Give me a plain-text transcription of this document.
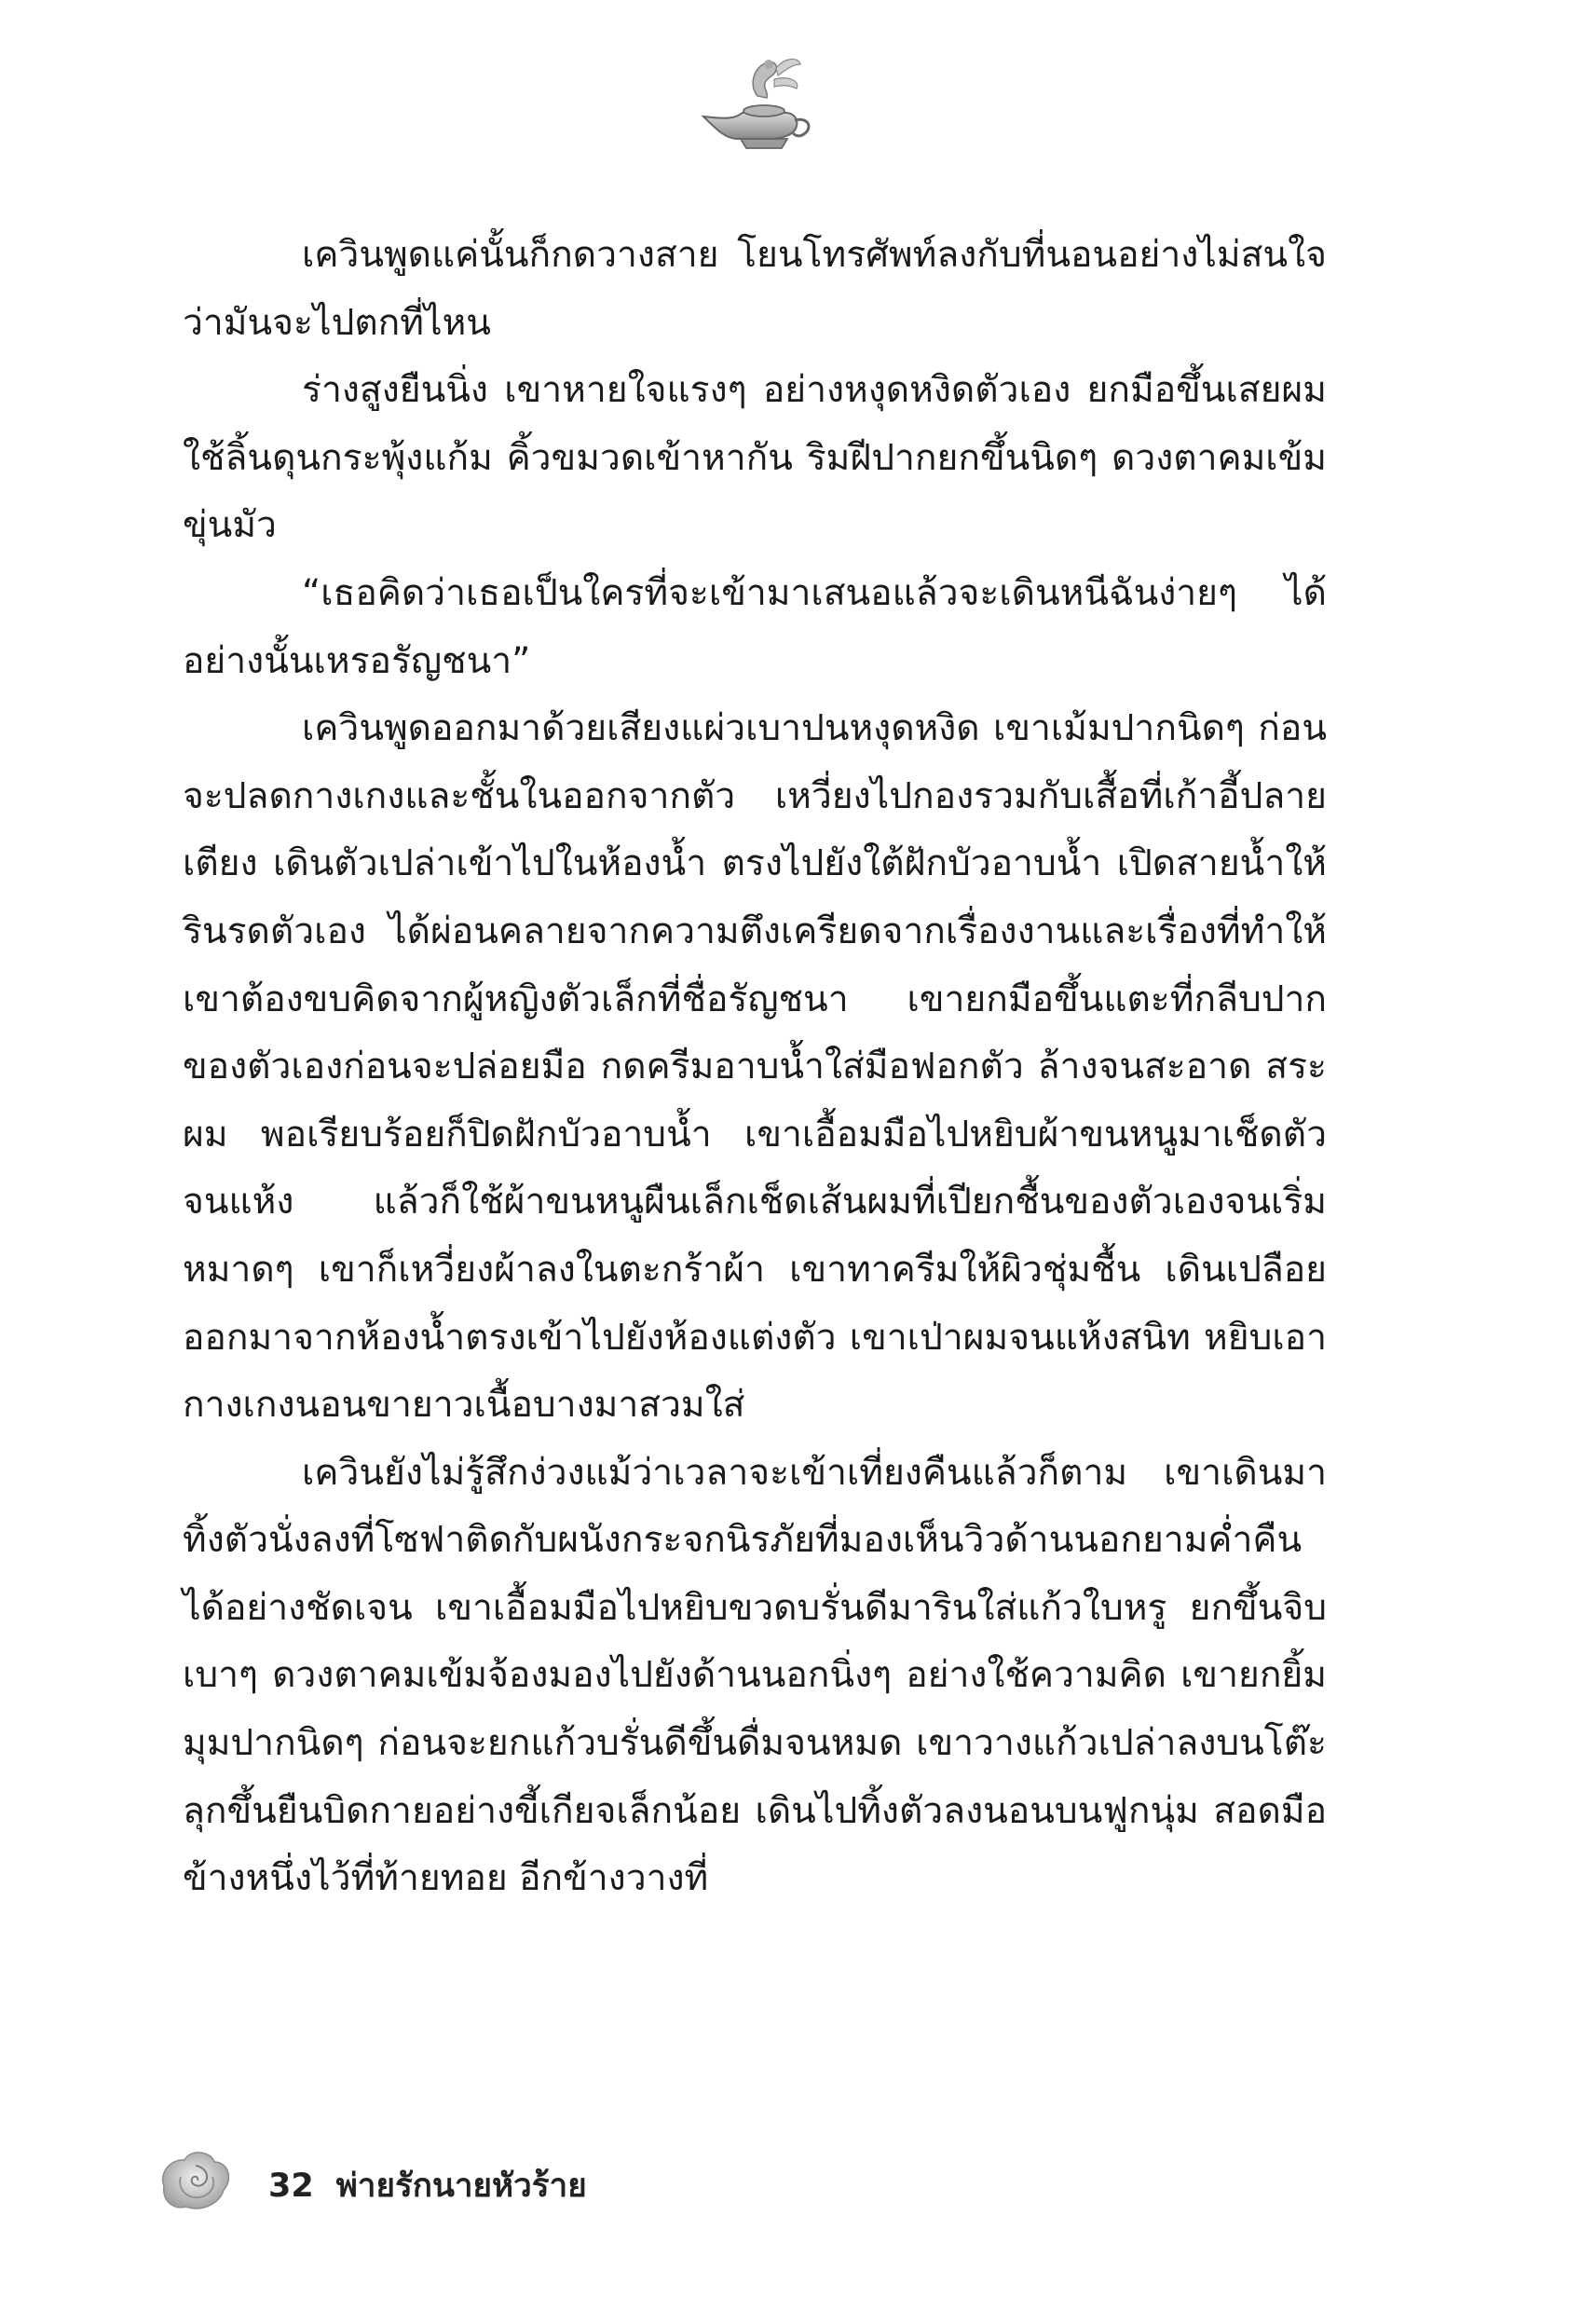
เควินพูดแค่นั้นก็กดวางสาย โยนโทรศัพท์ลงกับที่นอนอย่างไม่สนใจว่ามันจะไปตกที่ไหน

ร่างสูงยืนนิ่ง เขาหายใจแรงๆ อย่างหงุดหงิดตัวเอง ยกมือขึ้นเสยผม ใช้ลิ้นดุนกระพุ้งแก้ม คิ้วขมวดเข้าหากัน ริมฝีปากยกขึ้นนิดๆ ดวงตาคมเข้มขุ่นมัว

“เธอคิดว่าเธอเป็นใครที่จะเข้ามาเสนอแล้วจะเดินหนีฉันง่ายๆ ได้อย่างนั้นเหรอรัญชนา”

เควินพูดออกมาด้วยเสียงแผ่วเบาปนหงุดหงิด เขาเม้มปากนิดๆ ก่อนจะปลดกางเกงและชั้นในออกจากตัว เหวี่ยงไปกองรวมกับเสื้อที่เก้าอี้ปลายเตียง เดินตัวเปล่าเข้าไปในห้องน้ำ ตรงไปยังใต้ฝักบัวอาบน้ำ เปิดสายน้ำให้รินรดตัวเอง ได้ผ่อนคลายจากความตึงเครียดจากเรื่องงานและเรื่องที่ทำให้เขาต้องขบคิดจากผู้หญิงตัวเล็กที่ชื่อรัญชนา เขายกมือขึ้นแตะที่กลีบปากของตัวเองก่อนจะปล่อยมือ กดครีมอาบน้ำใส่มือฟอกตัว ล้างจนสะอาด สระผม พอเรียบร้อยก็ปิดฝักบัวอาบน้ำ เขาเอื้อมมือไปหยิบผ้าขนหนูมาเช็ดตัวจนแห้ง แล้วก็ใช้ผ้าขนหนูผืนเล็กเช็ดเส้นผมที่เปียกชื้นของตัวเองจนเริ่มหมาดๆ เขาก็เหวี่ยงผ้าลงในตะกร้าผ้า เขาทาครีมให้ผิวชุ่มชื้น เดินเปลือยออกมาจากห้องน้ำตรงเข้าไปยังห้องแต่งตัว เขาเป่าผมจนแห้งสนิท หยิบเอากางเกงนอนขายาวเนื้อบางมาสวมใส่

เควินยังไม่รู้สึกง่วงแม้ว่าเวลาจะเข้าเที่ยงคืนแล้วก็ตาม เขาเดินมาทิ้งตัวนั่งลงที่โซฟาติดกับผนังกระจกนิรภัยที่มองเห็นวิวด้านนอกยามค่ำคืนได้อย่างชัดเจน เขาเอื้อมมือไปหยิบขวดบรั่นดีมารินใส่แก้วใบหรู ยกขึ้นจิบเบาๆ ดวงตาคมเข้มจ้องมองไปยังด้านนอกนิ่งๆ อย่างใช้ความคิด เขายกยิ้มมุมปากนิดๆ ก่อนจะยกแก้วบรั่นดีขึ้นดื่มจนหมด เขาวางแก้วเปล่าลงบนโต๊ะ ลุกขึ้นยืนบิดกายอย่างขี้เกียจเล็กน้อย เดินไปทิ้งตัวลงนอนบนฟูกนุ่ม สอดมือข้างหนึ่งไว้ที่ท้ายทอย อีกข้างวางที่

32 พ่ายรักนายหัวร้าย
